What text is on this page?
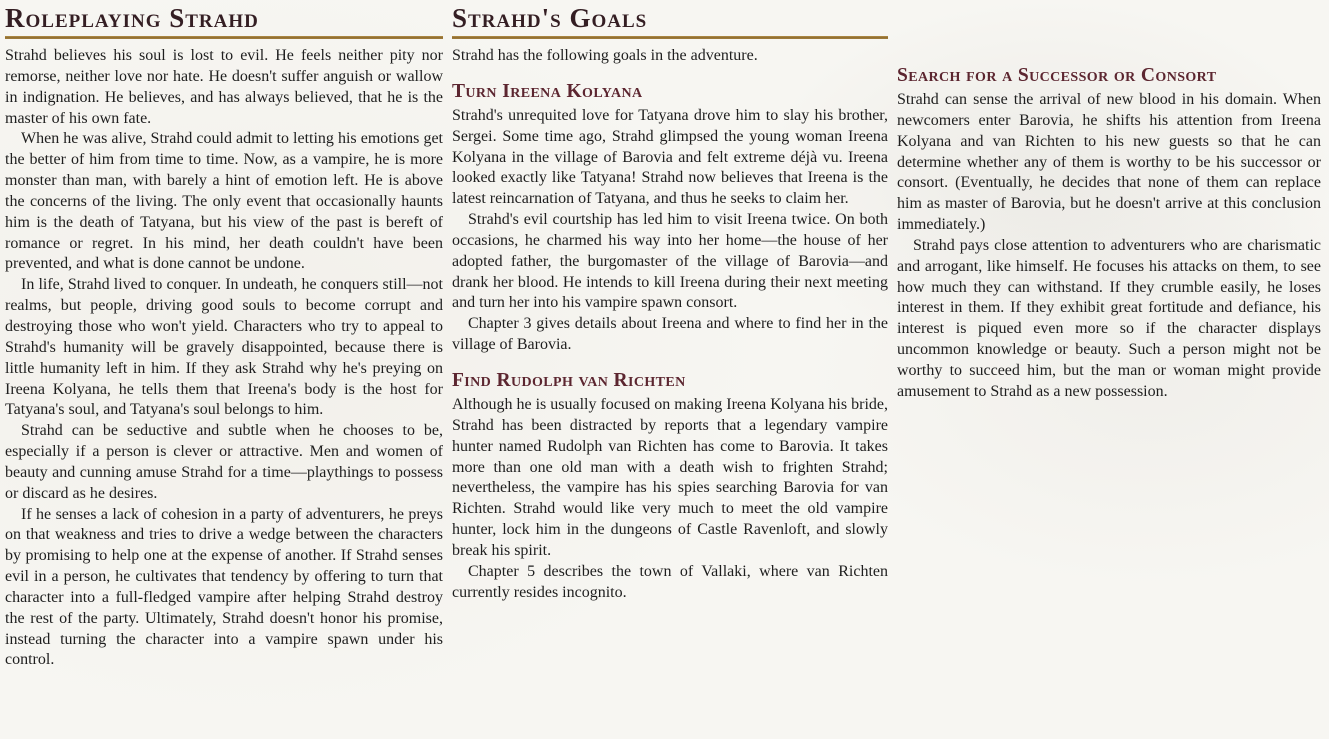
Roleplaying Strahd

Strahd believes his soul is lost to evil. He feels neither pity nor remorse, neither love nor hate. He doesn't suffer anguish or wallow in indignation. He believes, and has always believed, that he is the master of his own fate.

When he was alive, Strahd could admit to letting his emotions get the better of him from time to time. Now, as a vampire, he is more monster than man, with barely a hint of emotion left. He is above the concerns of the living. The only event that occasionally haunts him is the death of Tatyana, but his view of the past is bereft of romance or regret. In his mind, her death couldn't have been prevented, and what is done cannot be undone.

In life, Strahd lived to conquer. In undeath, he conquers still—not realms, but people, driving good souls to become corrupt and destroying those who won't yield. Characters who try to appeal to Strahd's humanity will be gravely disappointed, because there is little humanity left in him. If they ask Strahd why he's preying on Ireena Kolyana, he tells them that Ireena's body is the host for Tatyana's soul, and Tatyana's soul belongs to him.

Strahd can be seductive and subtle when he chooses to be, especially if a person is clever or attractive. Men and women of beauty and cunning amuse Strahd for a time—playthings to possess or discard as he desires.

If he senses a lack of cohesion in a party of adventurers, he preys on that weakness and tries to drive a wedge between the characters by promising to help one at the expense of another. If Strahd senses evil in a person, he cultivates that tendency by offering to turn that character into a full-fledged vampire after helping Strahd destroy the rest of the party. Ultimately, Strahd doesn't honor his promise, instead turning the character into a vampire spawn under his control.

Strahd's Goals

Strahd has the following goals in the adventure.

Turn Ireena Kolyana

Strahd's unrequited love for Tatyana drove him to slay his brother, Sergei. Some time ago, Strahd glimpsed the young woman Ireena Kolyana in the village of Barovia and felt extreme déjà vu. Ireena looked exactly like Tatyana! Strahd now believes that Ireena is the latest reincarnation of Tatyana, and thus he seeks to claim her.

Strahd's evil courtship has led him to visit Ireena twice. On both occasions, he charmed his way into her home—the house of her adopted father, the burgomaster of the village of Barovia—and drank her blood. He intends to kill Ireena during their next meeting and turn her into his vampire spawn consort.

Chapter 3 gives details about Ireena and where to find her in the village of Barovia.

Find Rudolph van Richten

Although he is usually focused on making Ireena Kolyana his bride, Strahd has been distracted by reports that a legendary vampire hunter named Rudolph van Richten has come to Barovia. It takes more than one old man with a death wish to frighten Strahd; nevertheless, the vampire has his spies searching Barovia for van Richten. Strahd would like very much to meet the old vampire hunter, lock him in the dungeons of Castle Ravenloft, and slowly break his spirit.

Chapter 5 describes the town of Vallaki, where van Richten currently resides incognito.

Search for a Successor or Consort

Strahd can sense the arrival of new blood in his domain. When newcomers enter Barovia, he shifts his attention from Ireena Kolyana and van Richten to his new guests so that he can determine whether any of them is worthy to be his successor or consort. (Eventually, he decides that none of them can replace him as master of Barovia, but he doesn't arrive at this conclusion immediately.)

Strahd pays close attention to adventurers who are charismatic and arrogant, like himself. He focuses his attacks on them, to see how much they can withstand. If they crumble easily, he loses interest in them. If they exhibit great fortitude and defiance, his interest is piqued even more so if the character displays uncommon knowledge or beauty. Such a person might not be worthy to succeed him, but the man or woman might provide amusement to Strahd as a new possession.
